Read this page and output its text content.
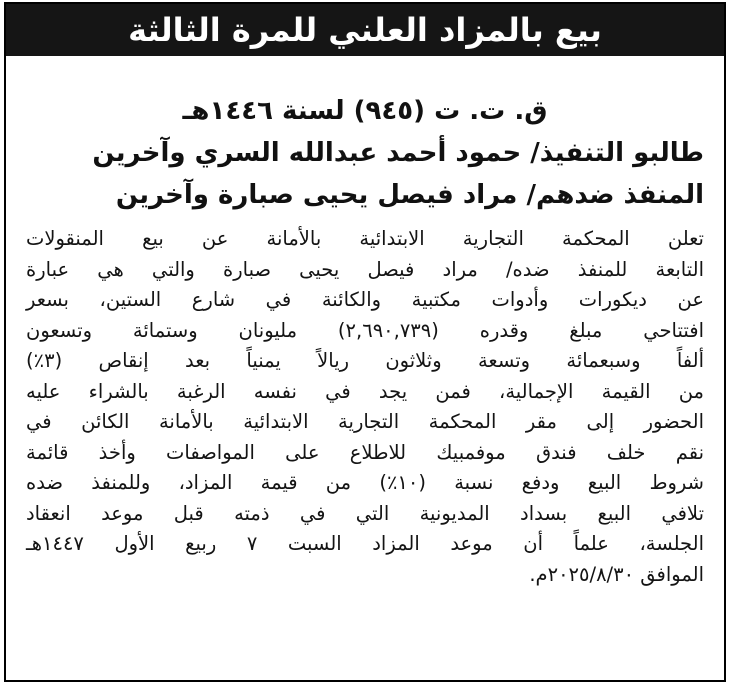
بيع بالمزاد العلني للمرة الثالثة
ق. ت. ت (٩٤٥) لسنة ١٤٤٦هـ
طالبو التنفيذ/ حمود أحمد عبدالله السري وآخرين
المنفذ ضدهم/ مراد فيصل يحيى صبارة وآخرين
تعلن المحكمة التجارية الابتدائية بالأمانة عن بيع المنقولات
التابعة للمنفذ ضده/ مراد فيصل يحيى صبارة والتي هي عبارة
عن ديكورات وأدوات مكتبية والكائنة في شارع الستين، بسعر
افتتاحي مبلغ وقدره (٢,٦٩٠,٧٣٩) مليونان وستمائة وتسعون
ألفاً وسبعمائة وتسعة وثلاثون ريالاً يمنياً بعد إنقاص (٣٪)
من القيمة الإجمالية، فمن يجد في نفسه الرغبة بالشراء عليه
الحضور إلى مقر المحكمة التجارية الابتدائية بالأمانة الكائن في
نقم خلف فندق موفمبيك للاطلاع على المواصفات وأخذ قائمة
شروط البيع ودفع نسبة (١٠٪) من قيمة المزاد، وللمنفذ ضده
تلافي البيع بسداد المديونية التي في ذمته قبل موعد انعقاد
الجلسة، علماً أن موعد المزاد السبت ٧ ربيع الأول ١٤٤٧هـ
الموافق ٢٠٢٥/٨/٣٠م.
